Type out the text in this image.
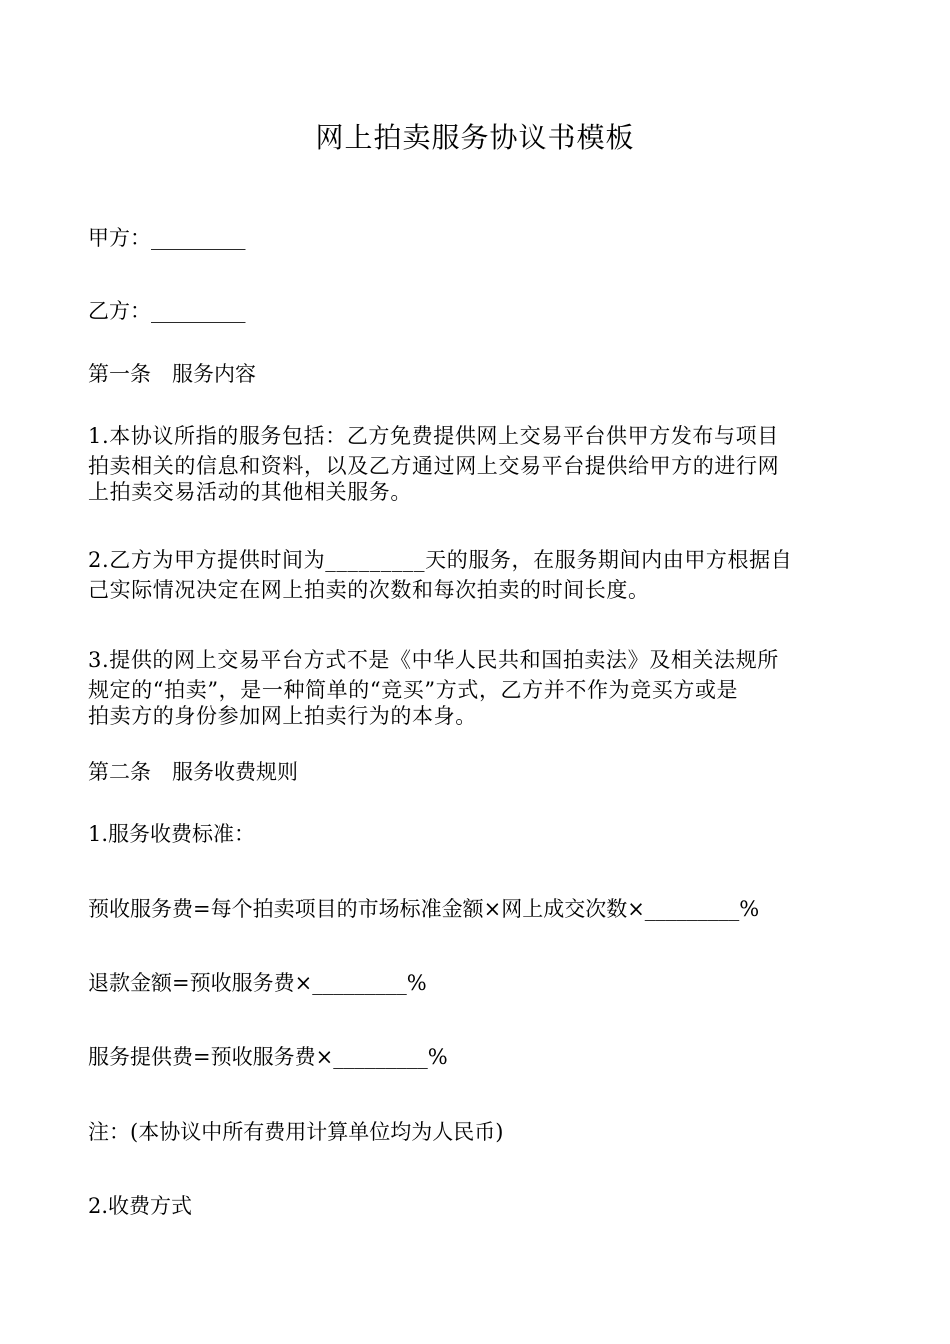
网上拍卖服务协议书模板
甲方：_________
乙方：_________
第一条　服务内容
1.本协议所指的服务包括：乙方免费提供网上交易平台供甲方发布与项目
拍卖相关的信息和资料，以及乙方通过网上交易平台提供给甲方的进行网
上拍卖交易活动的其他相关服务。
2.乙方为甲方提供时间为_________天的服务，在服务期间内由甲方根据自
己实际情况决定在网上拍卖的次数和每次拍卖的时间长度。
3.提供的网上交易平台方式不是《中华人民共和国拍卖法》及相关法规所
规定的“拍卖”，是一种简单的“竞买”方式，乙方并不作为竞买方或是
拍卖方的身份参加网上拍卖行为的本身。
第二条　服务收费规则
1.服务收费标准：
预收服务费=每个拍卖项目的市场标准金额×网上成交次数×_________%
退款金额=预收服务费×_________%
服务提供费=预收服务费×_________%
注：(本协议中所有费用计算单位均为人民币)
2.收费方式
